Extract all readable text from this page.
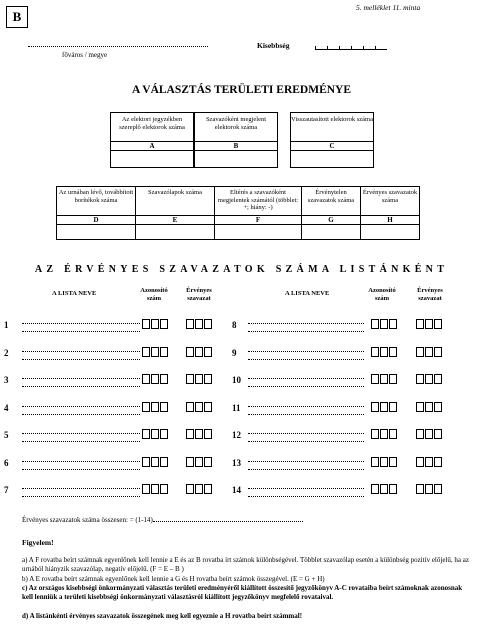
B
5. melléklet 11. minta
főváros / megye
Kisebbség
A VÁLASZTÁS TERÜLETI EREDMÉNYE
Az elektori jegyzékben szereplő elektorok száma
A
Szavazóként megjelent elektorok száma
B
Visszautasított elektorok száma
C
Az urnában lévő, továbbított borítékok száma
D
Szavazólapok száma
E
Eltérés a szavazóként megjelentek számától (többlet: +; hiány: -)
F
Érvénytelen szavazatok száma
G
Érvényes szavazatok száma
H
AZ ÉRVÉNYES SZAVAZATOK SZÁMA LISTÁNKÉNT
A LISTA NEVE	Azonosító szám
Érvényes szavazat
A LISTA NEVE	Azonosító szám
Érvényes szavazat
1
2
3
4
5
6
7
8
9
10
11
12
13
14
Érvényes szavazatok száma összesen: = (1-14)
Figyelem!
a) A F rovatba beírt számnak egyenlőnek kell lennie a E és az B rovatba írt számok különbségével. Többlet szavazólap esetén a különbség pozitív előjelű, ha az urnából hiányzik szavazólap, negatív előjelű. (F = E – B )
b) A E rovatba beírt számnak egyenlőnek kell lennie a G és H rovatba beírt számok összegével. (E = G + H)
c) Az országos kisebbségi önkormányzati választás területi eredményéről kiállított összesítő jegyzőkönyv A-C rovataiba beírt számoknak azonosnak kell lenniük a területi kisebbségi önkormányzati választásról kiállított jegyzőkönyv megfelelő rovataival.
d) A listánkénti érvényes szavazatok összegének meg kell egyeznie a H rovatba beírt számmal!
